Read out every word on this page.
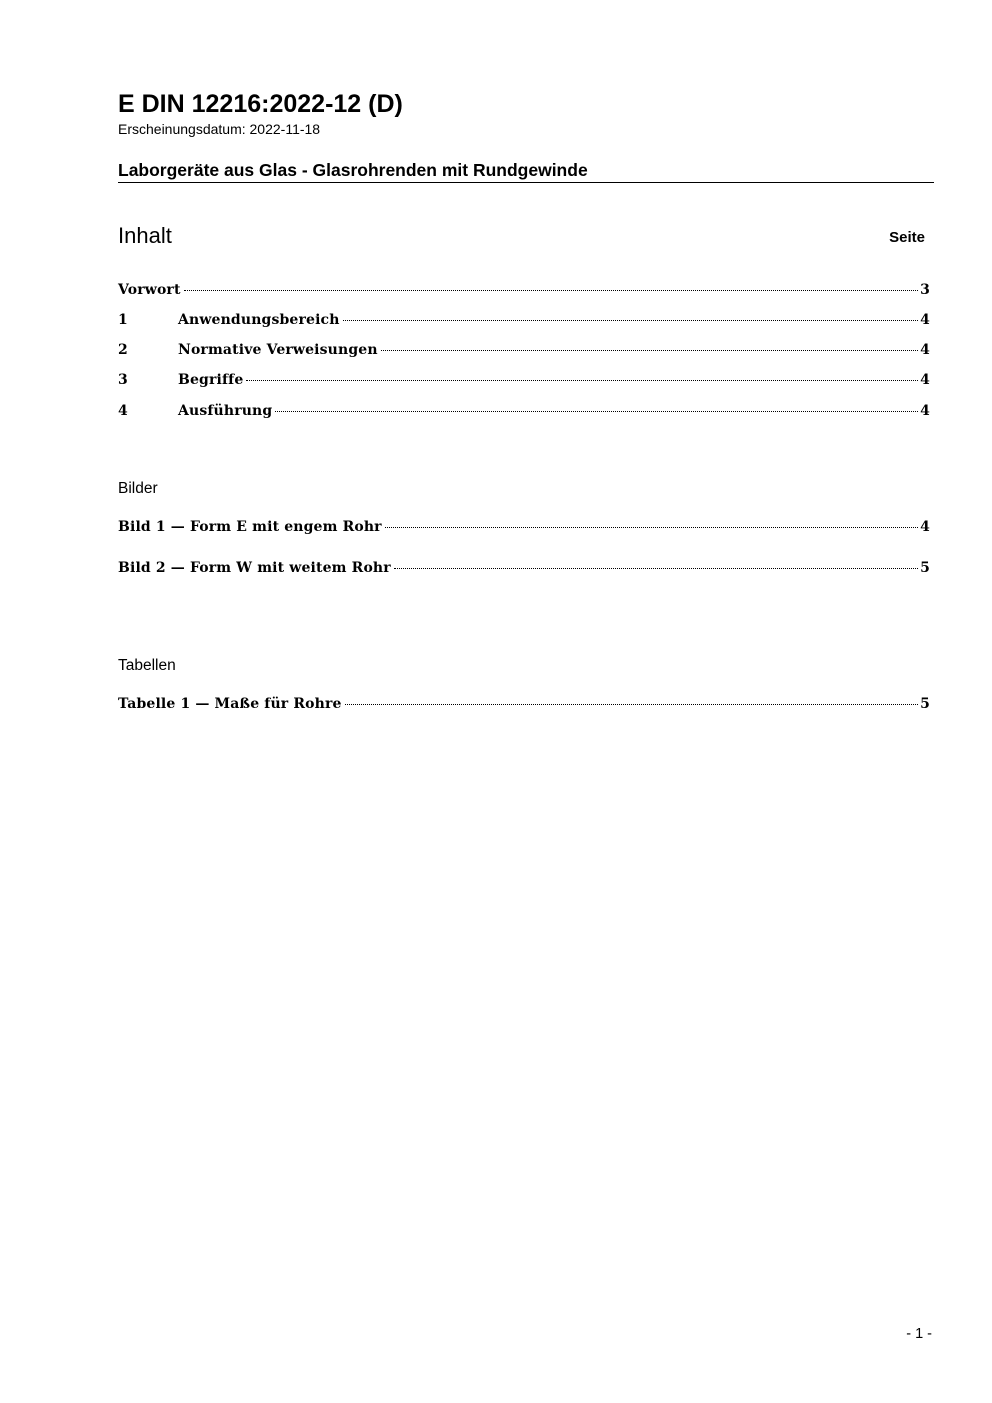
E DIN 12216:2022-12 (D)
Erscheinungsdatum: 2022-11-18
Laborgeräte aus Glas - Glasrohrenden mit Rundgewinde
Inhalt	Seite
Vorwort	3
1	Anwendungsbereich	4
2	Normative Verweisungen	4
3	Begriffe	4
4	Ausführung	4
Bilder
Bild 1 — Form E mit engem Rohr	4
Bild 2 — Form W mit weitem Rohr	5
Tabellen
Tabelle 1 — Maße für Rohre	5
- 1 -
